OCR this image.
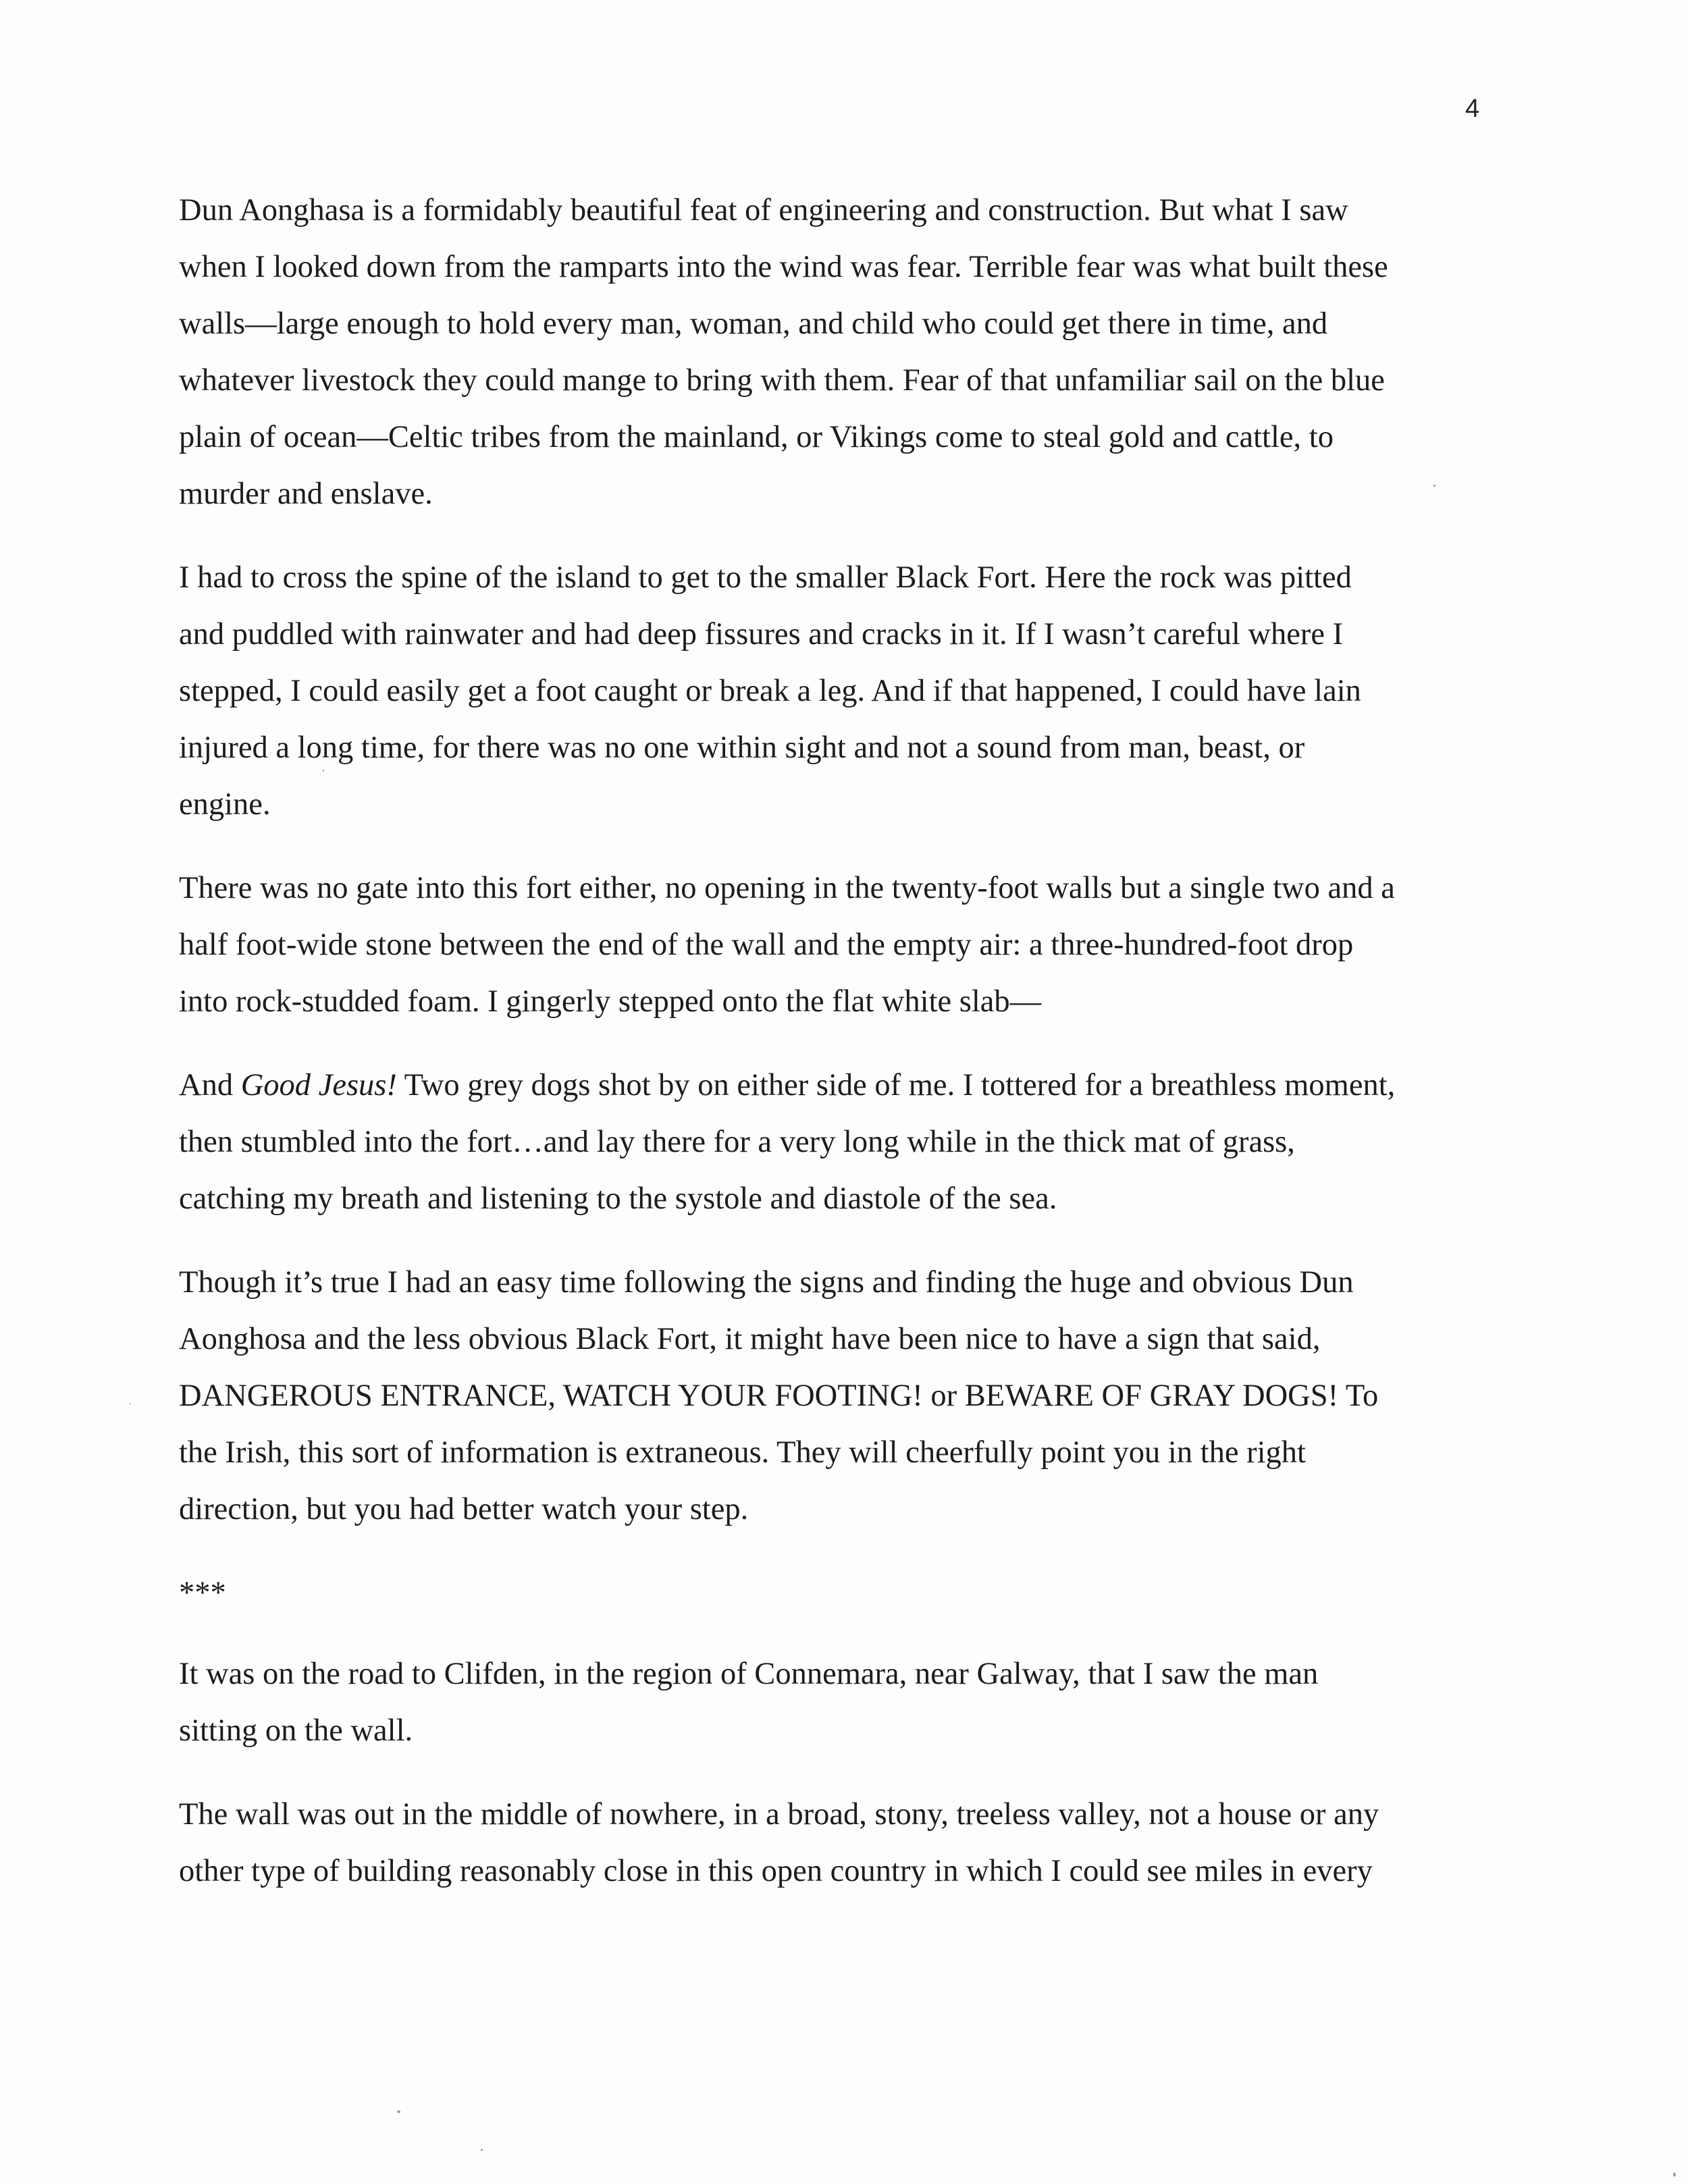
4

Dun Aonghasa is a formidably beautiful feat of engineering and construction. But what I saw
when I looked down from the ramparts into the wind was fear. Terrible fear was what built these
walls—large enough to hold every man, woman, and child who could get there in time, and
whatever livestock they could mange to bring with them. Fear of that unfamiliar sail on the blue
plain of ocean—Celtic tribes from the mainland, or Vikings come to steal gold and cattle, to
murder and enslave.

I had to cross the spine of the island to get to the smaller Black Fort. Here the rock was pitted
and puddled with rainwater and had deep fissures and cracks in it. If I wasn’t careful where I
stepped, I could easily get a foot caught or break a leg. And if that happened, I could have lain
injured a long time, for there was no one within sight and not a sound from man, beast, or
engine.

There was no gate into this fort either, no opening in the twenty-foot walls but a single two and a
half foot-wide stone between the end of the wall and the empty air: a three-hundred-foot drop
into rock-studded foam. I gingerly stepped onto the flat white slab—

And Good Jesus! Two grey dogs shot by on either side of me. I tottered for a breathless moment,
then stumbled into the fort…and lay there for a very long while in the thick mat of grass,
catching my breath and listening to the systole and diastole of the sea.

Though it’s true I had an easy time following the signs and finding the huge and obvious Dun
Aonghosa and the less obvious Black Fort, it might have been nice to have a sign that said,
DANGEROUS ENTRANCE, WATCH YOUR FOOTING! or BEWARE OF GRAY DOGS! To
the Irish, this sort of information is extraneous. They will cheerfully point you in the right
direction, but you had better watch your step.

***

It was on the road to Clifden, in the region of Connemara, near Galway, that I saw the man
sitting on the wall.

The wall was out in the middle of nowhere, in a broad, stony, treeless valley, not a house or any
other type of building reasonably close in this open country in which I could see miles in every
